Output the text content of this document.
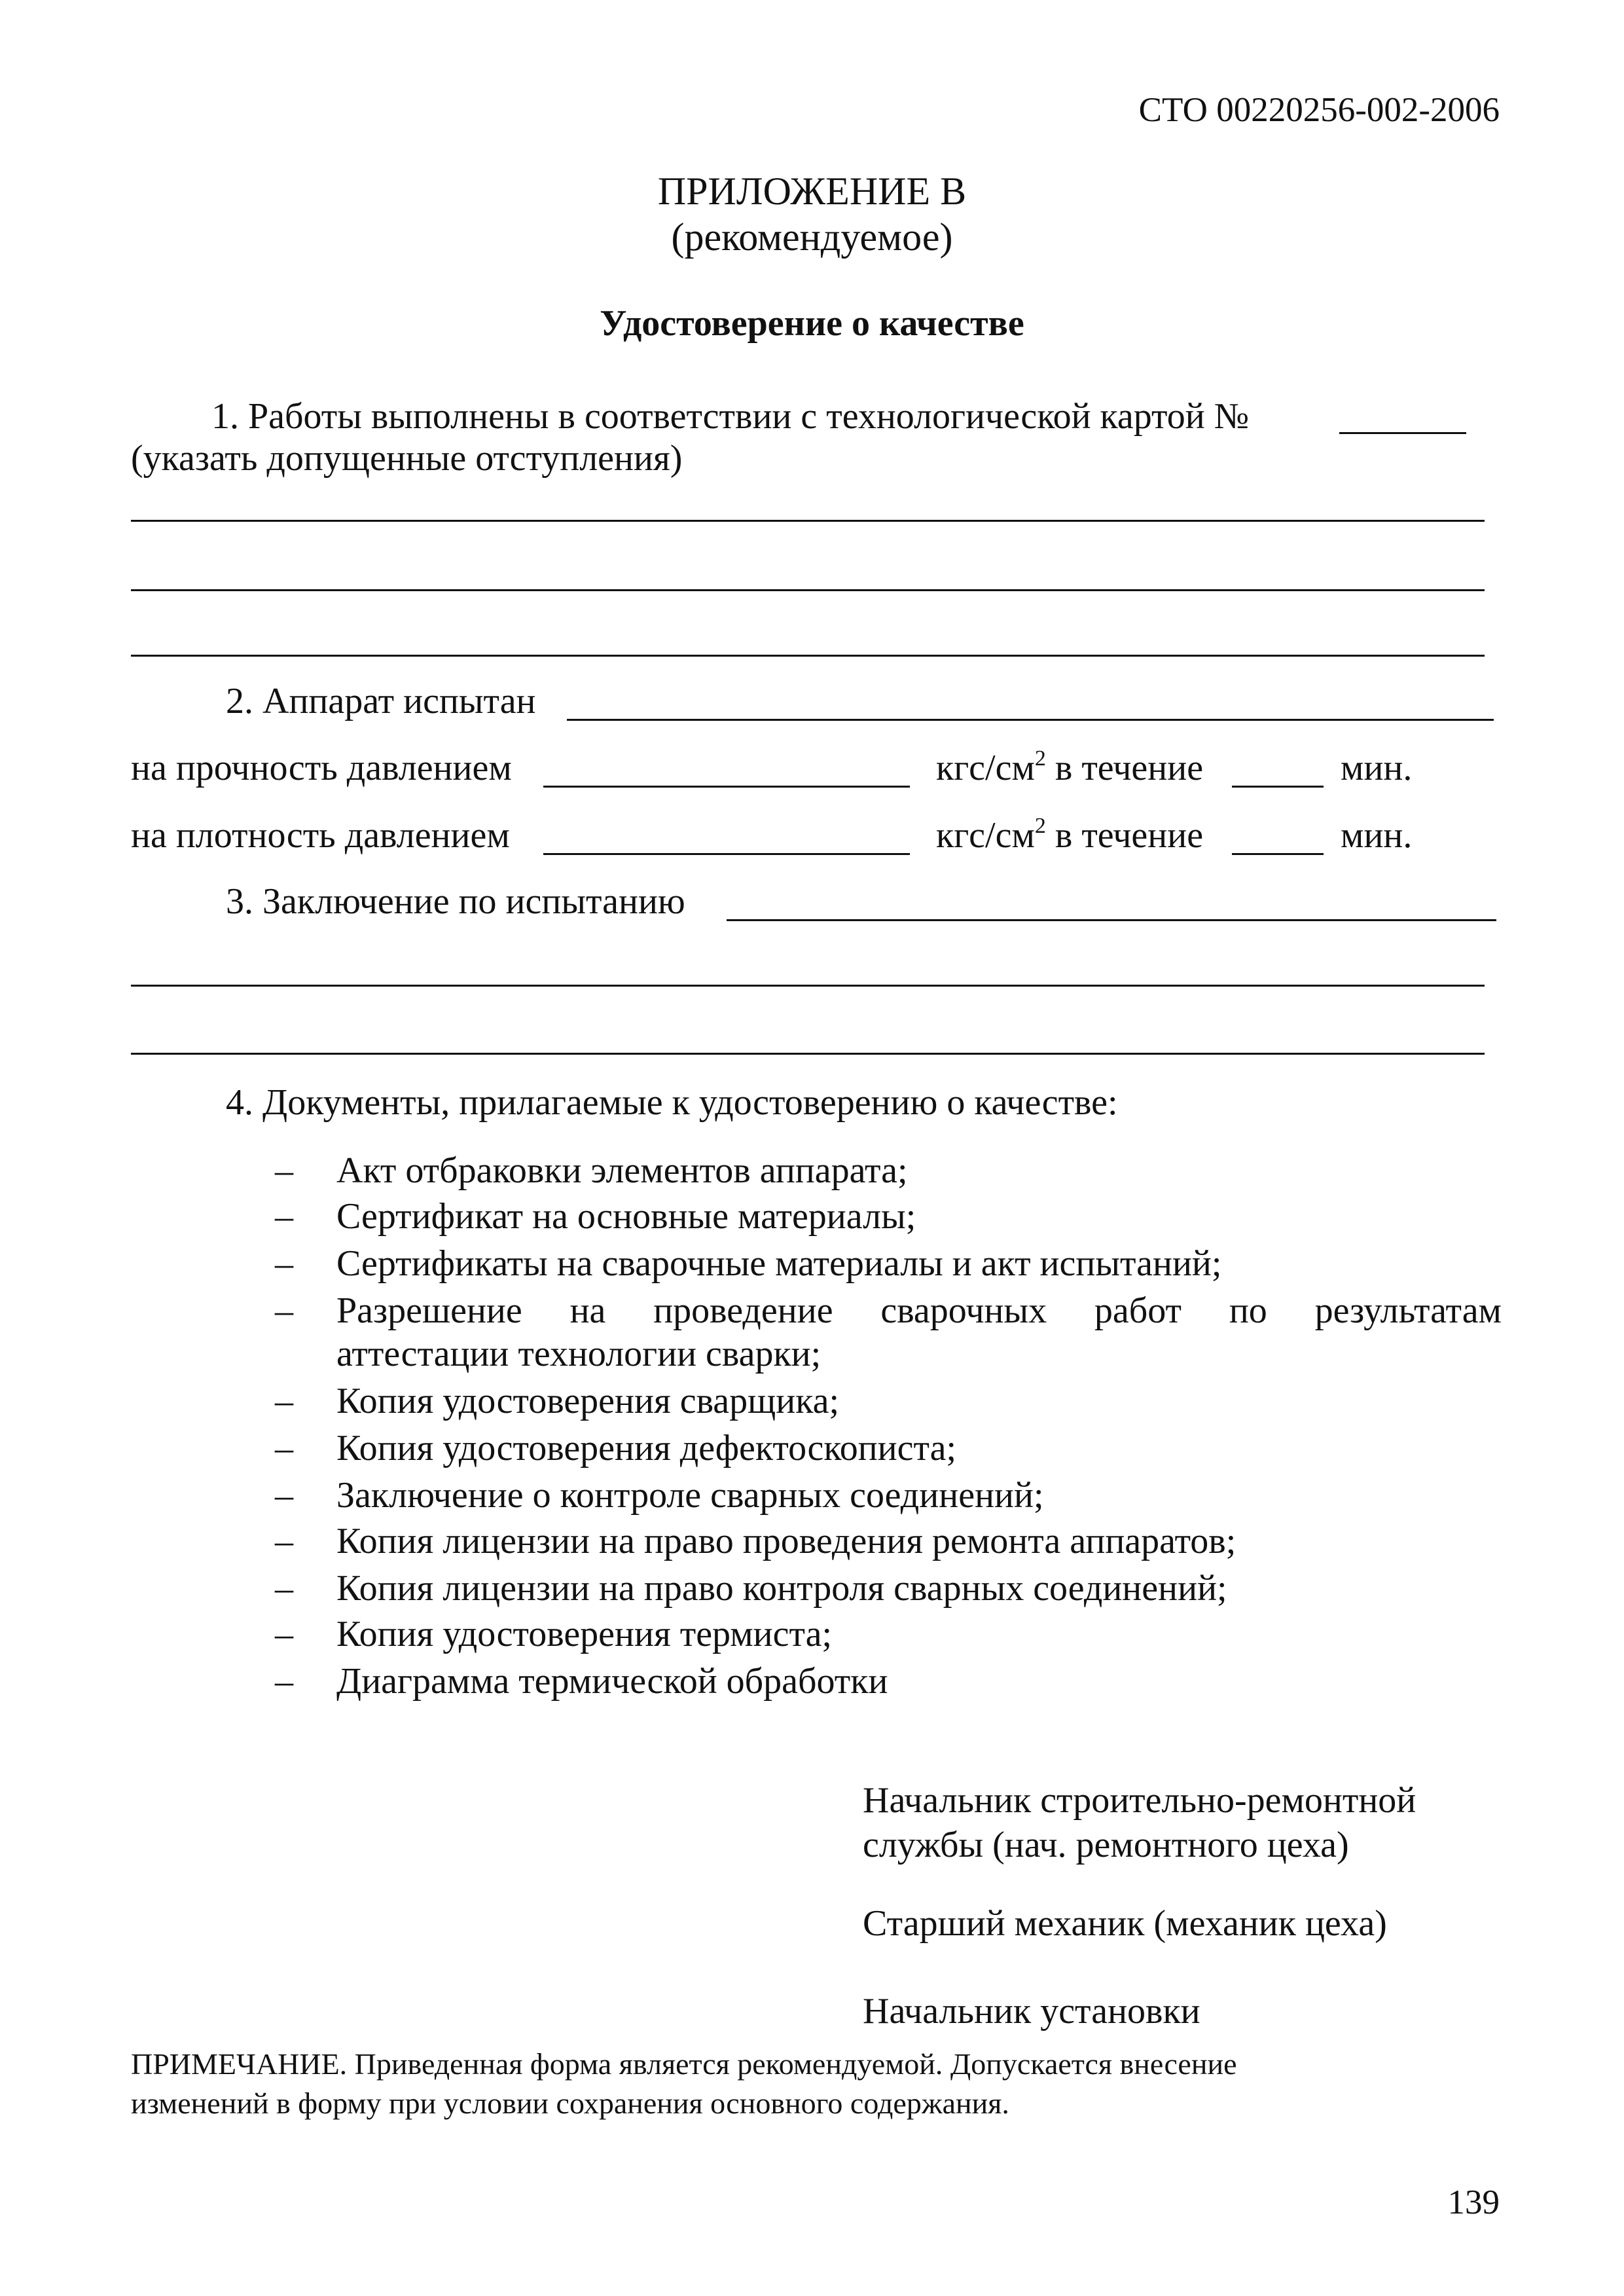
СТО 00220256-002-2006
ПРИЛОЖЕНИЕ В
(рекомендуемое)
Удостоверение о качестве
1. Работы выполнены в соответствии с технологической картой №
(указать допущенные отступления)
2. Аппарат испытан
на прочность давлением	кгс/$см^2$ в течение	мин.
на плотность давлением	кгс/$см^2$ в течение	мин.
3. Заключение по испытанию
4. Документы, прилагаемые к удостоверению о качестве:
– Акт отбраковки элементов аппарата;
– Сертификат на основные материалы;
– Сертификаты на сварочные материалы и акт испытаний;
– Разрешение на проведение сварочных работ по результатам
аттестации технологии сварки;
– Копия удостоверения сварщика;
– Копия удостоверения дефектоскописта;
– Заключение о контроле сварных соединений;
– Копия лицензии на право проведения ремонта аппаратов;
– Копия лицензии на право контроля сварных соединений;
– Копия удостоверения термиста;
– Диаграмма термической обработки
Начальник строительно-ремонтной
службы (нач. ремонтного цеха)
Старший механик (механик цеха)
Начальник установки
ПРИМЕЧАНИЕ. Приведенная форма является рекомендуемой. Допускается внесение
изменений в форму при условии сохранения основного содержания.
139
